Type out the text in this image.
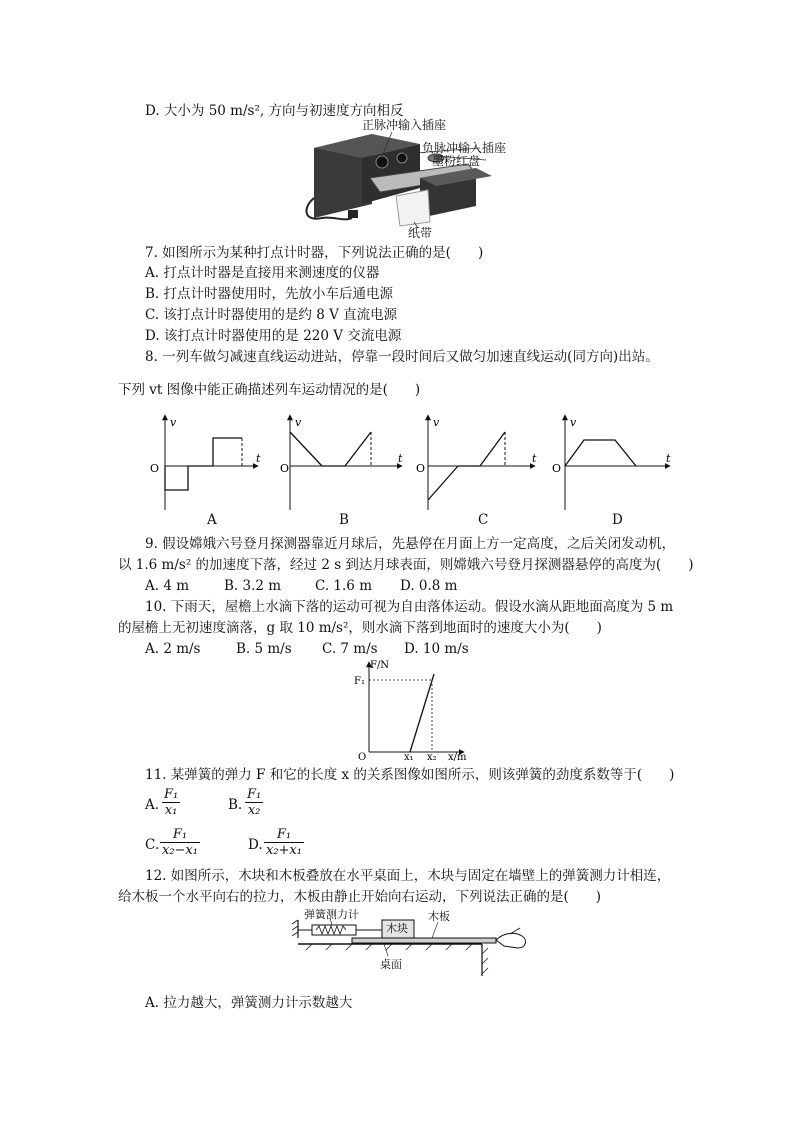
D. 大小为 50 m/s², 方向与初速度方向相反
正脉冲输入插座
负脉冲输入插座
墨粉红盘
纸带
7. 如图所示为某种打点计时器，下列说法正确的是(　　)
A. 打点计时器是直接用来测速度的仪器
B. 打点计时器使用时，先放小车后通电源
C. 该打点计时器使用的是约 8 V 直流电源
D. 该打点计时器使用的是 220 V 交流电源
8. 一列车做匀减速直线运动进站，停靠一段时间后又做匀加速直线运动(同方向)出站。
下列 vt 图像中能正确描述列车运动情况的是(　　)
v
O
t
v
O
t
v
O
t
v
O
t
A	B	C	D
9. 假设嫦娥六号登月探测器靠近月球后，先悬停在月面上方一定高度，之后关闭发动机，
以 1.6 m/s² 的加速度下落，经过 2 s 到达月球表面，则嫦娥六号登月探测器悬停的高度为(　　)
A. 4 m	B. 3.2 m	C. 1.6 m D. 0.8 m
10. 下雨天，屋檐上水滴下落的运动可视为自由落体运动。假设水滴从距地面高度为 5 m
的屋檐上无初速度滴落，g 取 10 m/s²，则水滴下落到地面时的速度大小为(　　)
A. 2 m/s	B. 5 m/s C. 7 m/s D. 10 m/s
F/N
F₁
O	x₁ x₂ x/m
11. 某弹簧的弹力 F 和它的长度 x 的关系图像如图所示，则该弹簧的劲度系数等于(　　)
A. $\frac{\text{F₁}}{\text{x₁}}$	B. $\frac{\text{F₁}}{\text{x₂}}$
C. $\frac{\text{F₁}}{\text{x₂−x₁}}$	D. $\frac{\text{F₁}}{\text{x₂+x₁}}$
12. 如图所示，木块和木板叠放在水平桌面上，木块与固定在墙壁上的弹簧测力计相连，
给木板一个水平向右的拉力，木板由静止开始向右运动，下列说法正确的是(　　)
弹簧测力计
木块
木板
桌面
A. 拉力越大，弹簧测力计示数越大
